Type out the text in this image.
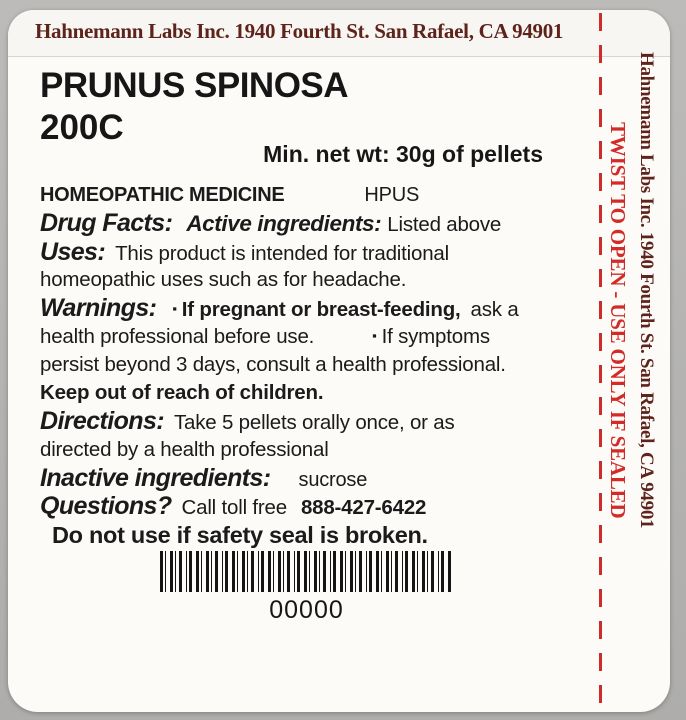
Hahnemann Labs Inc. 1940 Fourth St. San Rafael, CA 94901
PRUNUS SPINOSA
200C
Min. net wt: 30g of pellets
HOMEOPATHIC MEDICINE	HPUS
Drug Facts: Active ingredients: Listed above
Uses: This product is intended for traditional
homeopathic uses such as for headache.
Warnings: ▪ If pregnant or breast-feeding, ask a
health professional before use.	▪ If symptoms
persist beyond 3 days, consult a health professional.
Keep out of reach of children.
Directions: Take 5 pellets orally once, or as
directed by a health professional
Inactive ingredients: sucrose
Questions? Call toll free 888-427-6422
Do not use if safety seal is broken.
00000
TWIST TO OPEN - USE ONLY IF SEALED Hahnemann Labs Inc. 1940 Fourth St. San Rafael, CA 94901
